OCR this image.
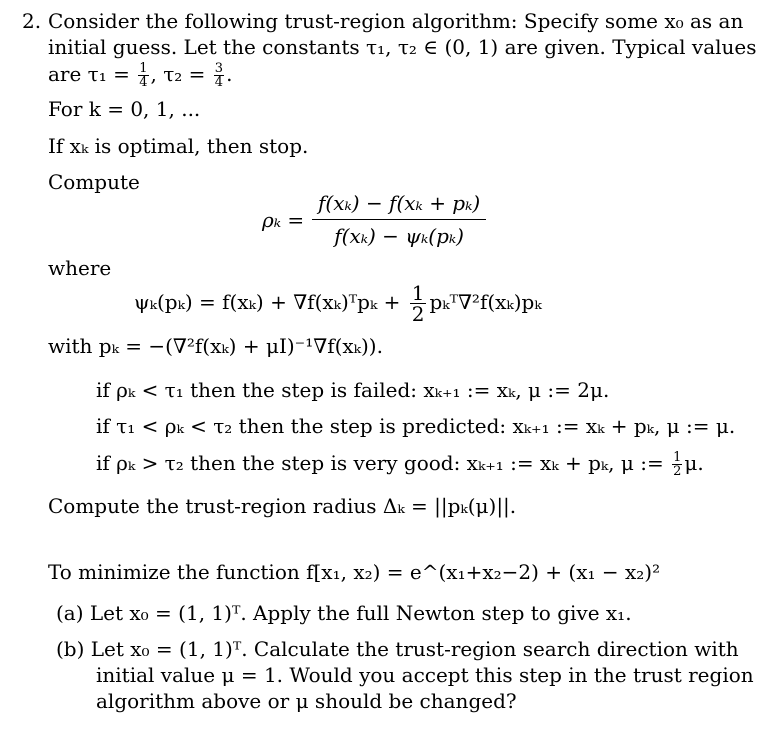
2. Consider the following trust-region algorithm: Specify some x₀ as an
initial guess. Let the constants τ₁, τ₂ ∈ (0, 1) are given. Typical values
are $\tau_1 = \frac{1}{4}$ , $\tau_2 = \frac{3}{4}$ .
For k = 0, 1, ...
If xₖ is optimal, then stop.
Compute
$\rho_k = \frac{\text{f(xₖ) − f(xₖ + pₖ)}}{\text{f(xₖ) − ψₖ(pₖ)}}$
where
ψₖ(pₖ) = f(xₖ) + ∇f(xₖ)ᵀpₖ + $\frac{1}{2}$ pₖᵀ∇²f(xₖ)pₖ
with pₖ = −(∇²f(xₖ) + μI)⁻¹∇f(xₖ)).
if ρₖ < τ₁ then the step is failed: xₖ₊₁ := xₖ, μ := 2μ.
if τ₁ < ρₖ < τ₂ then the step is predicted: xₖ₊₁ := xₖ + pₖ, μ := μ.
if ρₖ > τ₂ then the step is very good: xₖ₊₁ := xₖ + pₖ, μ := $\frac{1}{2} \mu$.
Compute the trust-region radius Δₖ = ||pₖ(μ)||.
To minimize the function f[x₁, x₂) = e^(x₁+x₂−2) + (x₁ − x₂)²
(a) Let x₀ = (1, 1)ᵀ. Apply the full Newton step to give x₁.
(b) Let x₀ = (1, 1)ᵀ. Calculate the trust-region search direction with
initial value μ = 1. Would you accept this step in the trust region
algorithm above or μ should be changed?
